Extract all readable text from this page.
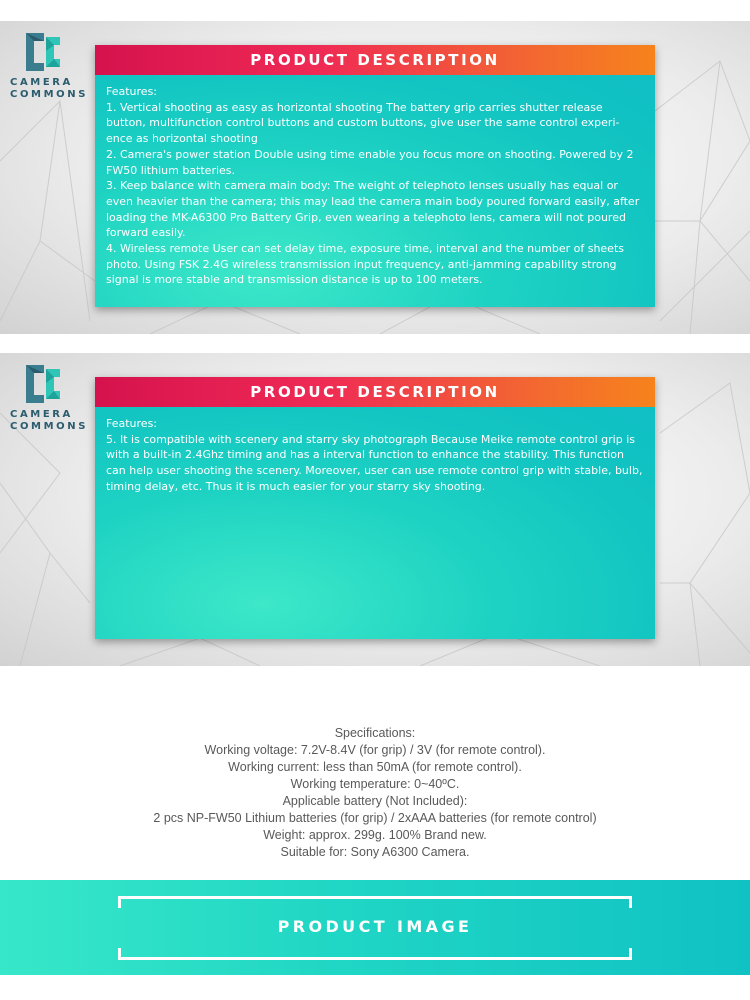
CAMERA
COMMONS
PRODUCT DESCRIPTION

Features:

1. Vertical shooting as easy as horizontal shooting The battery grip carries shutter release button, multifunction control buttons and custom buttons, give user the same control experi-ence as horizontal shooting

2. Camera's power station Double using time enable you focus more on shooting. Powered by 2 FW50 lithium batteries.

3. Keep balance with camera main body: The weight of telephoto lenses usually has equal or even heavier than the camera; this may lead the camera main body poured forward easily, after loading the MK-A6300 Pro Battery Grip, even wearing a telephoto lens, camera will not poured forward easily.

4. Wireless remote User can set delay time, exposure time, interval and the number of sheets photo. Using FSK 2.4G wireless transmission input frequency, anti-jamming capability strong signal is more stable and transmission distance is up to 100 meters.

CAMERA
COMMONS
PRODUCT DESCRIPTION

Features:

5. It is compatible with scenery and starry sky photograph Because Meike remote control grip is with a built-in 2.4Ghz timing and has a interval function to enhance the stability. This function can help user shooting the scenery. Moreover, user can use remote control grip with stable, bulb, timing delay, etc. Thus it is much easier for your starry sky shooting.

Specifications:

Working voltage: 7.2V-8.4V (for grip) / 3V (for remote control).

Working current: less than 50mA (for remote control).

Working temperature: 0~40ºC.

Applicable battery (Not Included):

2 pcs NP-FW50 Lithium batteries (for grip) / 2xAAA batteries (for remote control)

Weight: approx. 299g. 100% Brand new.

Suitable for: Sony A6300 Camera.

PRODUCT IMAGE
